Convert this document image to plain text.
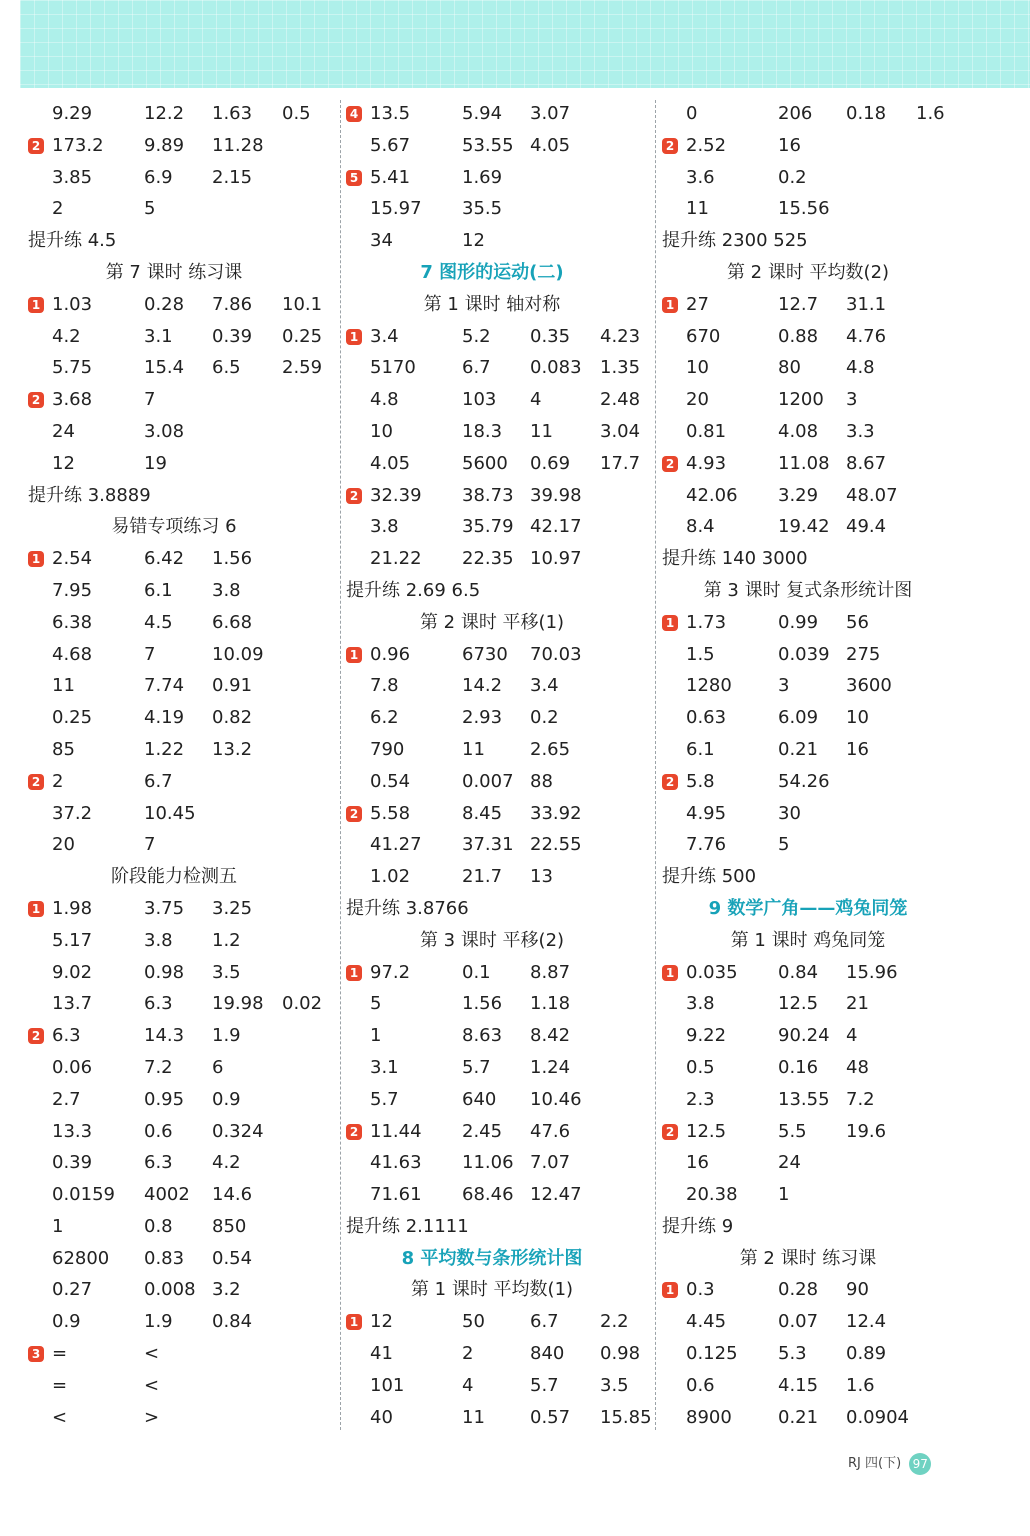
9.29	12.2 1.63 0.5
2 173.2 9.89 11.28
3.85	6.9 2.15
2	5
提升练 4.5
第 7 课时 练习课
1 1.03	0.28 7.86 10.1
4.2	3.1 0.39 0.25
5.75	15.4 6.5 2.59
2 3.68	7
24	3.08
12	19
提升练 3.8889
易错专项练习 6
1 2.54	6.42 1.56
7.95	6.1 3.8
6.38	4.5 6.68
4.68	7	10.09
11	7.74 0.91
0.25	4.19 0.82
85	1.22 13.2
2 2	6.7
37.2	10.45
20	7
阶段能力检测五
1 1.98	3.75 3.25
5.17	3.8 1.2
9.02	0.98 3.5
13.7	6.3 19.98 0.02
2 6.3	14.3 1.9
0.06	7.2 6
2.7	0.95 0.9
13.3	0.6 0.324
0.39	6.3 4.2
0.0159 4002 14.6
1	0.8 850
62800 0.83 0.54
0.27	0.008 3.2
0.9	1.9 0.84
3 =	<
=	<
<	>
4 13.5	5.94 3.07
5.67	53.55 4.05
5 5.41	1.69
15.97 35.5
34	12
7 图形的运动(二)
第 1 课时 轴对称
1 3.4	5.2 0.35 4.23
5170	6.7 0.083 1.35
4.8	103 4	2.48
10	18.3 11	3.04
4.05	5600 0.69 17.7
2 32.39 38.73 39.98
3.8	35.79 42.17
21.22 22.35 10.97
提升练 2.69 6.5
第 2 课时 平移(1)
1 0.96	6730 70.03
7.8	14.2 3.4
6.2	2.93 0.2
790	11	2.65
0.54	0.007 88
2 5.58	8.45 33.92
41.27 37.31 22.55
1.02	21.7 13
提升练 3.8766
第 3 课时 平移(2)
1 97.2	0.1 8.87
5	1.56 1.18
1	8.63 8.42
3.1	5.7 1.24
5.7	640 10.46
2 11.44 2.45 47.6
41.63 11.06 7.07
71.61 68.46 12.47
提升练 2.1111
8 平均数与条形统计图
第 1 课时 平均数(1)
1 12	50	6.7 2.2
41	2	840 0.98
101	4	5.7 3.5
40	11	0.57 15.85
0	206 0.18 1.6
2 2.52	16
3.6	0.2
11	15.56
提升练 2300 525
第 2 课时 平均数(2)
1 27	12.7 31.1
670	0.88 4.76
10	80	4.8
20	1200 3
0.81	4.08 3.3
2 4.93	11.08 8.67
42.06 3.29 48.07
8.4	19.42 49.4
提升练 140 3000
第 3 课时 复式条形统计图
1 1.73	0.99 56
1.5	0.039 275
1280	3	3600
0.63	6.09 10
6.1	0.21 16
2 5.8	54.26
4.95	30
7.76	5
提升练 500
9 数学广角——鸡兔同笼
第 1 课时 鸡兔同笼
1 0.035 0.84 15.96
3.8	12.5 21
9.22	90.24 4
0.5	0.16 48
2.3	13.55 7.2
2 12.5	5.5 19.6
16	24
20.38 1
提升练 9
第 2 课时 练习课
1 0.3	0.28 90
4.45	0.07 12.4
0.125 5.3 0.89
0.6	4.15 1.6
8900	0.21 0.0904
RJ 四(下) 97
